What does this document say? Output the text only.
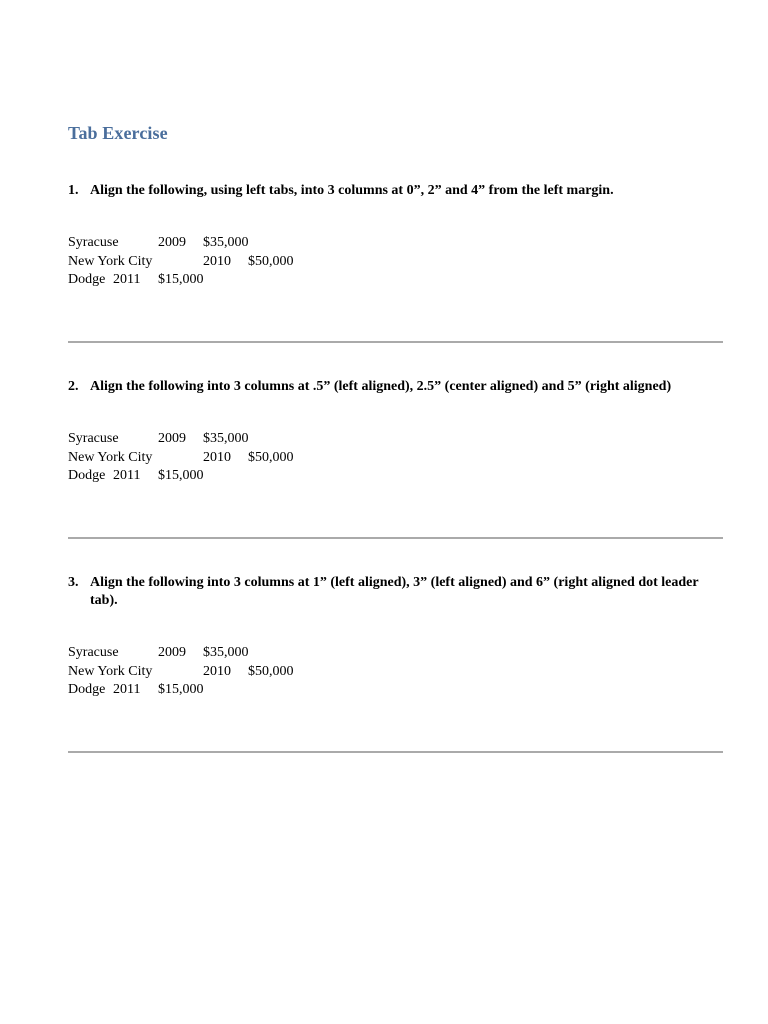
Tab Exercise
1. Align the following, using left tabs, into 3 columns at 0”, 2” and 4” from the left margin.
Syracuse	2009 $35,000
New York City	2010 $50,000
Dodge 2011 $15,000
2. Align the following into 3 columns at .5” (left aligned), 2.5” (center aligned) and 5” (right aligned)
Syracuse	2009 $35,000
New York City	2010 $50,000
Dodge 2011 $15,000
3. Align the following into 3 columns at 1” (left aligned), 3” (left aligned) and 6” (right aligned dot leader tab).
Syracuse	2009 $35,000
New York City	2010 $50,000
Dodge 2011 $15,000
